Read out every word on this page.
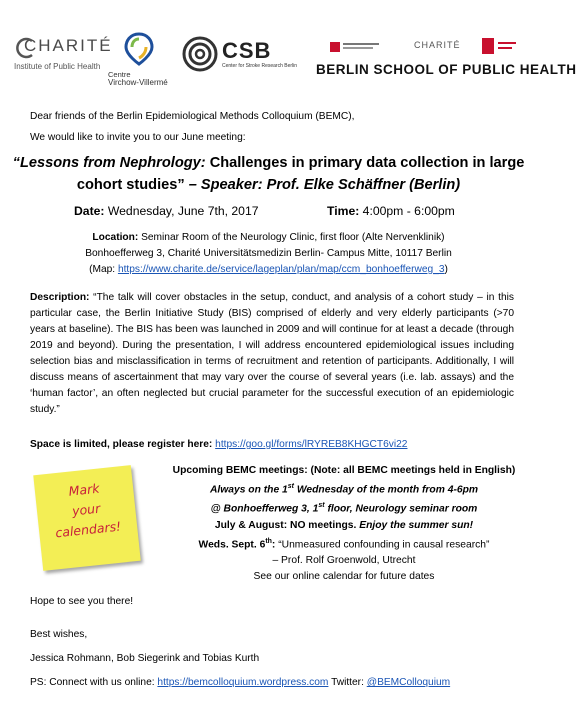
CHARITÉ
Institute of Public Health
Centre
Virchow-Villermé
CSB
Center for Stroke Research Berlin
CHARITÉ
BERLIN SCHOOL OF PUBLIC HEALTH
Dear friends of the Berlin Epidemiological Methods Colloquium (BEMC),
We would like to invite you to our June meeting:
“Lessons from Nephrology: Challenges in primary data collection in large cohort studies” – Speaker: Prof. Elke Schäffner (Berlin)
Date: Wednesday, June 7th, 2017	Time: 4:00pm - 6:00pm
Location: Seminar Room of the Neurology Clinic, first floor (Alte Nervenklinik)
Bonhoefferweg 3, Charité Universitätsmedizin Berlin- Campus Mitte, 10117 Berlin
(Map: https://www.charite.de/service/lageplan/plan/map/ccm_bonhoefferweg_3)
Description: “The talk will cover obstacles in the setup, conduct, and analysis of a cohort study – in this particular case, the Berlin Initiative Study (BIS) comprised of elderly and very elderly participants (>70 years at baseline). The BIS has been was launched in 2009 and will continue for at least a decade (through 2019 and beyond). During the presentation, I will address encountered epidemiological issues including selection bias and misclassification in terms of recruitment and retention of participants. Additionally, I will discuss means of ascertainment that may vary over the course of several years (i.e. lab. assays) and the ‘human factor’, an often neglected but crucial parameter for the successful execution of an epidemiologic study.”
Space is limited, please register here: https://goo.gl/forms/lRYREB8KHGCT6vi22
Mark
your
calendars!
Upcoming BEMC meetings: (Note: all BEMC meetings held in English)
Always on the 1st Wednesday of the month from 4-6pm
@ Bonhoefferweg 3, 1st floor, Neurology seminar room
July & August: NO meetings. Enjoy the summer sun!
Weds. Sept. 6th: “Unmeasured confounding in causal research”
– Prof. Rolf Groenwold, Utrecht
See our online calendar for future dates
Hope to see you there!
Best wishes,
Jessica Rohmann, Bob Siegerink and Tobias Kurth
PS: Connect with us online: https://bemcolloquium.wordpress.com Twitter: @BEMColloquium
